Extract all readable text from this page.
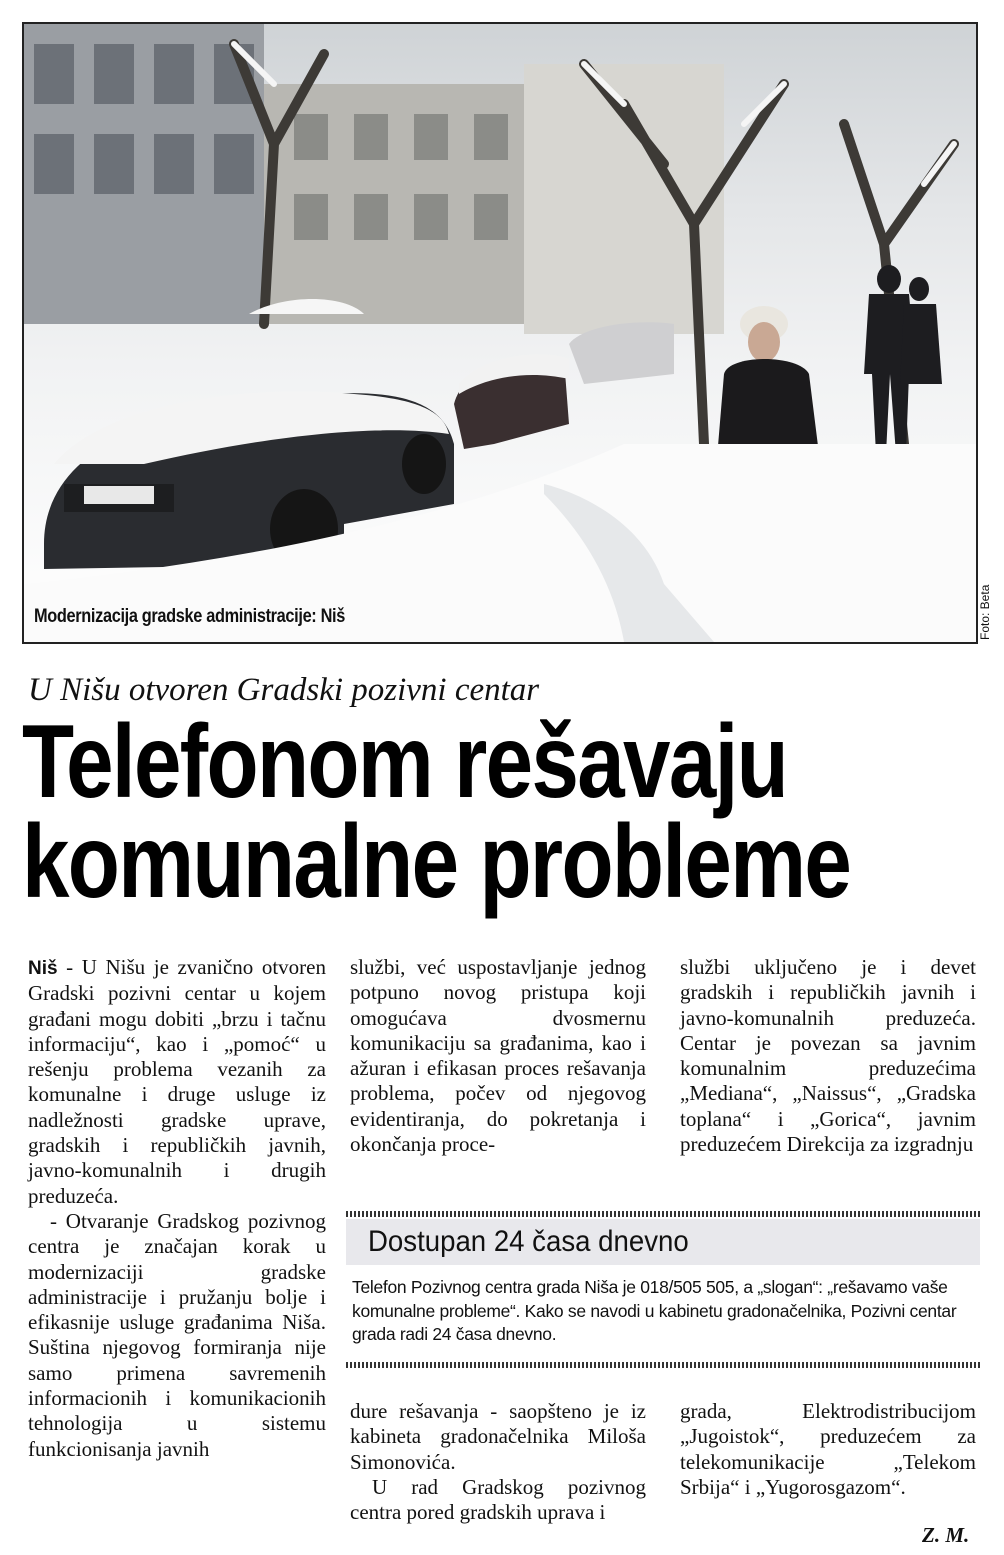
Modernizacija gradske administracije: Niš	Foto: Beta
U Nišu otvoren Gradski pozivni centar
Telefonom rešavaju
komunalne probleme

Niš - U Nišu je zvanično otvoren Gradski pozivni centar u kojem građani mogu dobiti „brzu i tačnu informaciju“, kao i „pomoć“ u rešenju problema vezanih za komunalne i druge usluge iz nadležnosti gradske uprave, gradskih i republičkih javnih, javno-komunalnih i drugih preduzeća.

- Otvaranje Gradskog pozivnog centra je značajan korak u modernizaciji gradske administracije i pružanju bolje i efikasnije usluge građanima Niša. Suština njegovog formiranja nije samo primena savremenih informacionih i komunikacionih tehnologija u sistemu funkcionisanja javnih

službi, već uspostavljanje jednog potpuno novog pristupa koji omogućava dvosmernu komunikaciju sa građanima, kao i ažuran i efikasan proces rešavanja problema, počev od njegovog evidentiranja, do pokretanja i okončanja proce-

službi uključeno je i devet gradskih i republičkih javnih i javno-komunalnih preduzeća. Centar je povezan sa javnim komunalnim preduzećima „Mediana“, „Naissus“, „Gradska toplana“ i „Gorica“, javnim preduzećem Direkcija za izgradnju

Dostupan 24 časa dnevno
Telefon Pozivnog centra grada Niša je 018/505 505, a „slogan“: „rešavamo vaše komunalne probleme“. Kako se navodi u kabinetu gradonačelnika, Pozivni centar grada radi 24 časa dnevno.

dure rešavanja - saopšteno je iz kabineta gradonačelnika Miloša Simonovića.

U rad Gradskog pozivnog centra pored gradskih uprava i

grada, Elektrodistribucijom „Jugoistok“, preduzećem za telekomunikacije „Telekom Srbija“ i „Yugorosgazom“.

Z. M.
